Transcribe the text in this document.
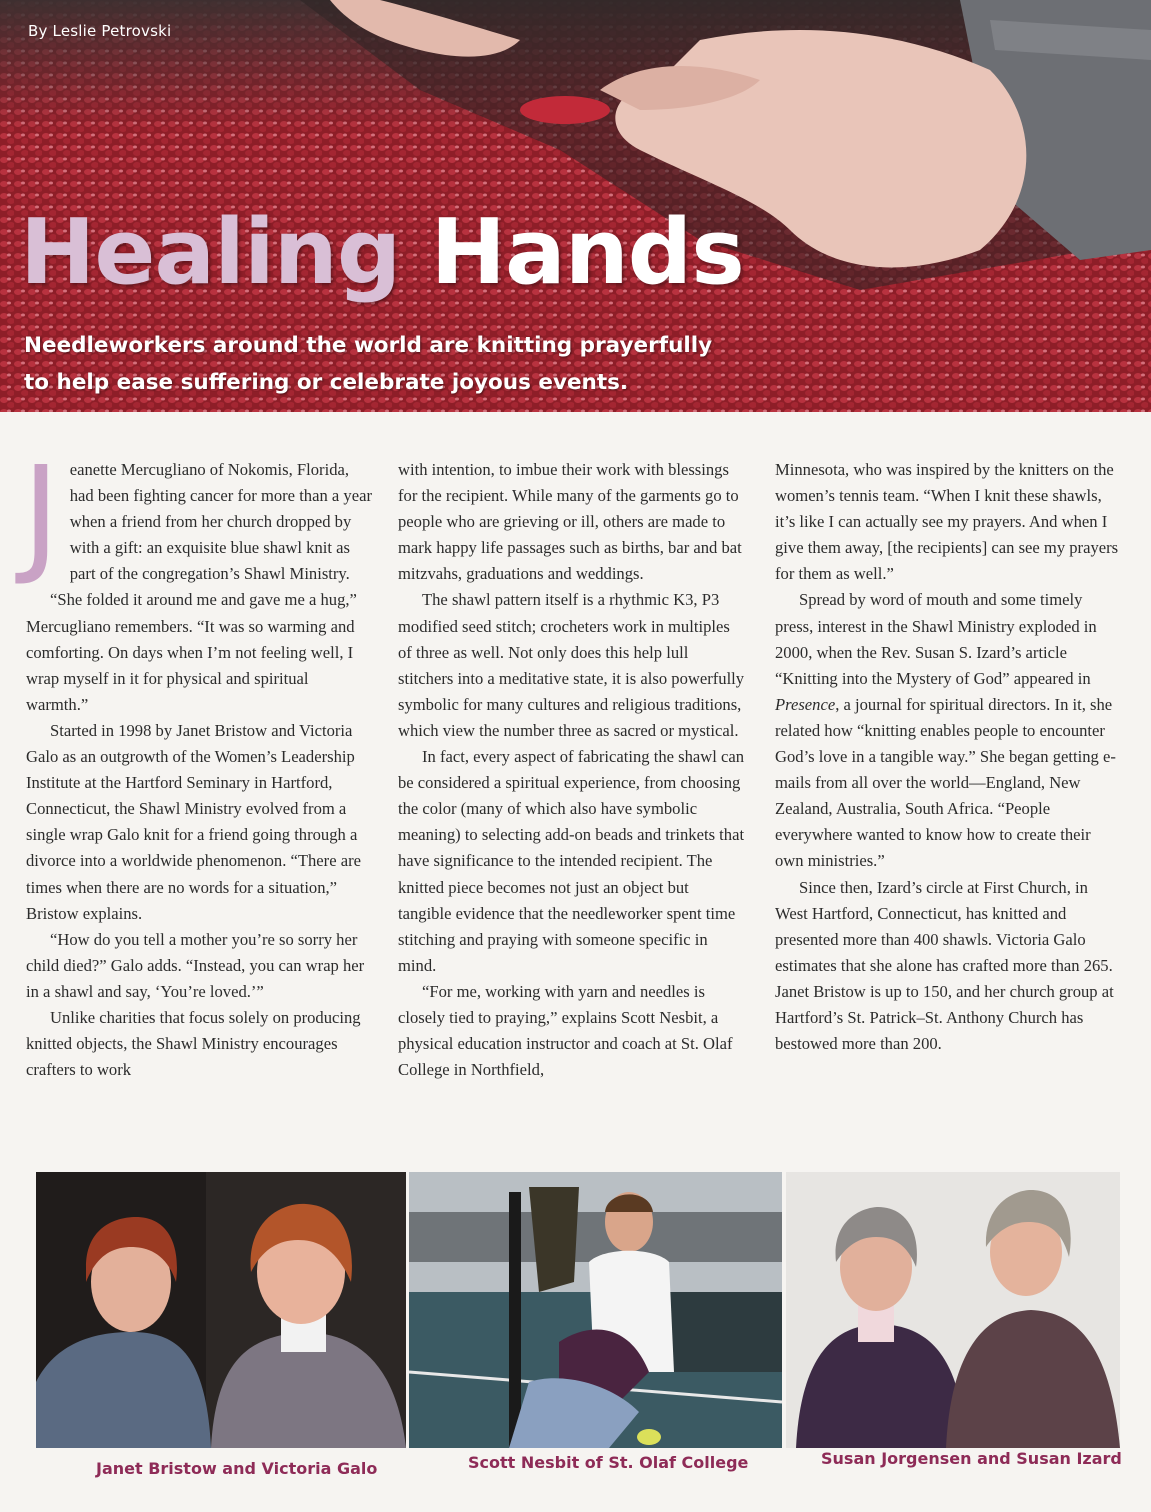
By Leslie Petrovski
Healing Hands

Needleworkers around the world are knitting prayerfully to help ease suffering or celebrate joyous events.

Jeanette Mercugliano of Nokomis, Florida, had been fighting cancer for more than a year when a friend from her church dropped by with a gift: an exquisite blue shawl knit as part of the congregation’s Shawl Ministry.

“She folded it around me and gave me a hug,” Mercugliano remembers. “It was so warming and comforting. On days when I’m not feeling well, I wrap myself in it for physical and spiritual warmth.”

Started in 1998 by Janet Bristow and Victoria Galo as an outgrowth of the Women’s Leadership Institute at the Hartford Seminary in Hartford, Connecticut, the Shawl Ministry evolved from a single wrap Galo knit for a friend going through a divorce into a worldwide phenomenon. “There are times when there are no words for a situation,” Bristow explains.

“How do you tell a mother you’re so sorry her child died?” Galo adds. “Instead, you can wrap her in a shawl and say, ‘You’re loved.’”

Unlike charities that focus solely on producing knitted objects, the Shawl Ministry encourages crafters to work

with intention, to imbue their work with blessings for the recipient. While many of the garments go to people who are grieving or ill, others are made to mark happy life passages such as births, bar and bat mitzvahs, graduations and weddings.

The shawl pattern itself is a rhythmic K3, P3 modified seed stitch; crocheters work in multiples of three as well. Not only does this help lull stitchers into a meditative state, it is also powerfully symbolic for many cultures and religious traditions, which view the number three as sacred or mystical.

In fact, every aspect of fabricating the shawl can be considered a spiritual experience, from choosing the color (many of which also have symbolic meaning) to selecting add-on beads and trinkets that have significance to the intended recipient. The knitted piece becomes not just an object but tangible evidence that the needleworker spent time stitching and praying with someone specific in mind.

“For me, working with yarn and needles is closely tied to praying,” explains Scott Nesbit, a physical education instructor and coach at St. Olaf College in Northfield,

Minnesota, who was inspired by the knitters on the women’s tennis team. “When I knit these shawls, it’s like I can actually see my prayers. And when I give them away, [the recipients] can see my prayers for them as well.”

Spread by word of mouth and some timely press, interest in the Shawl Ministry exploded in 2000, when the Rev. Susan S. Izard’s article “Knitting into the Mystery of God” appeared in Presence, a journal for spiritual directors. In it, she related how “knitting enables people to encounter God’s love in a tangible way.” She began getting e-mails from all over the world—England, New Zealand, Australia, South Africa. “People everywhere wanted to know how to create their own ministries.”

Since then, Izard’s circle at First Church, in West Hartford, Connecticut, has knitted and presented more than 400 shawls. Victoria Galo estimates that she alone has crafted more than 265. Janet Bristow is up to 150, and her church group at Hartford’s St. Patrick–St. Anthony Church has bestowed more than 200.

Janet Bristow and Victoria Galo	Scott Nesbit of St. Olaf College	Susan Jorgensen and Susan Izard
